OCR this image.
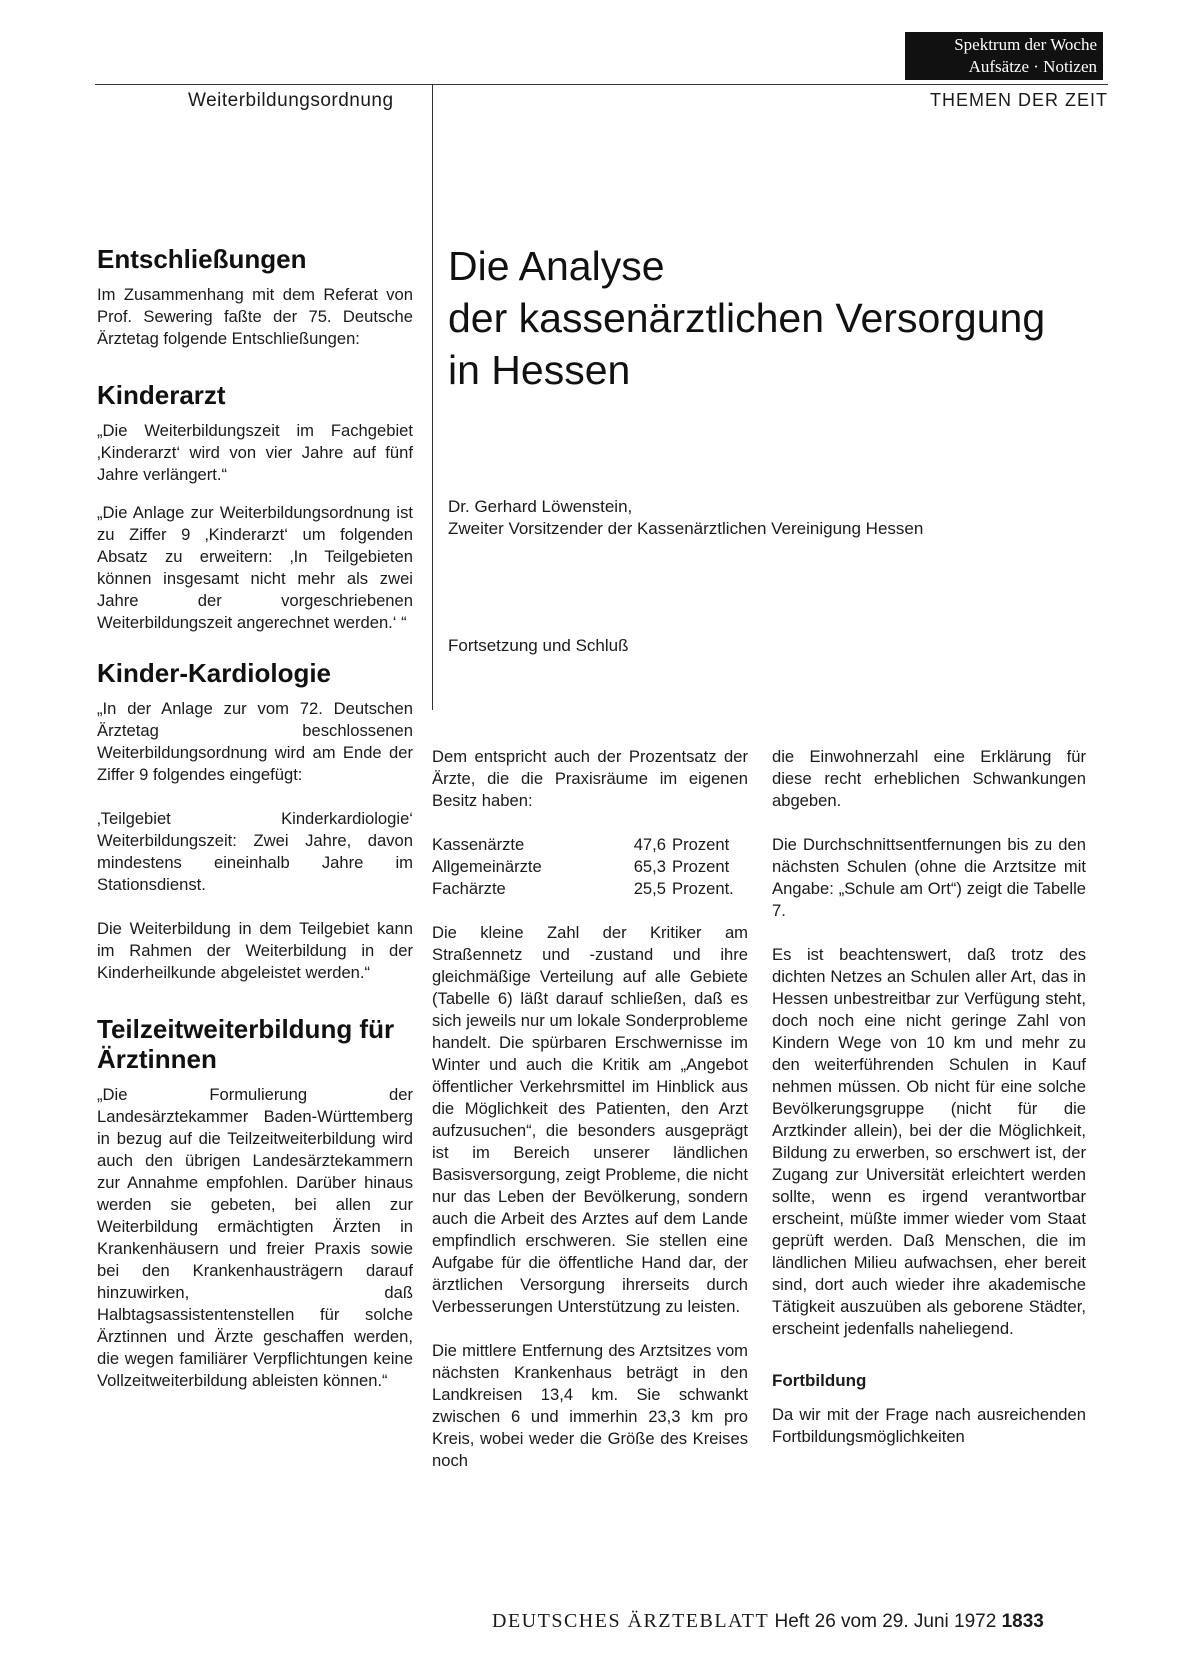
Spektrum der Woche
Aufsätze · Notizen
Weiterbildungsordnung	THEMEN DER ZEIT
Die Analyse
der kassenärztlichen Versorgung
in Hessen
Dr. Gerhard Löwenstein,
Zweiter Vorsitzender der Kassenärztlichen Vereinigung Hessen
Fortsetzung und Schluß
Entschließungen

Im Zusammenhang mit dem Referat von Prof. Sewering faßte der 75. Deutsche Ärztetag folgende Entschließungen:

Kinderarzt

„Die Weiterbildungszeit im Fachgebiet ‚Kinderarzt‘ wird von vier Jahre auf fünf Jahre verlängert.“

„Die Anlage zur Weiterbildungsordnung ist zu Ziffer 9 ‚Kinderarzt‘ um folgenden Absatz zu erweitern: ‚In Teilgebieten können insgesamt nicht mehr als zwei Jahre der vorgeschriebenen Weiterbildungszeit angerechnet werden.‘ “

Kinder-Kardiologie

„In der Anlage zur vom 72. Deutschen Ärztetag beschlossenen Weiterbildungsordnung wird am Ende der Ziffer 9 folgendes eingefügt:

‚Teilgebiet Kinderkardiologie‘ Weiterbildungszeit: Zwei Jahre, davon mindestens eineinhalb Jahre im Stationsdienst.

Die Weiterbildung in dem Teilgebiet kann im Rahmen der Weiterbildung in der Kinderheilkunde abgeleistet werden.“

Teilzeitweiterbildung für Ärztinnen

„Die Formulierung der Landesärztekammer Baden-Württemberg in bezug auf die Teilzeitweiterbildung wird auch den übrigen Landesärztekammern zur Annahme empfohlen. Darüber hinaus werden sie gebeten, bei allen zur Weiterbildung ermächtigten Ärzten in Krankenhäusern und freier Praxis sowie bei den Krankenhausträgern darauf hinzuwirken, daß Halbtagsassistentenstellen für solche Ärztinnen und Ärzte geschaffen werden, die wegen familiärer Verpflichtungen keine Vollzeitweiterbildung ableisten können.“

Dem entspricht auch der Prozentsatz der Ärzte, die die Praxisräume im eigenen Besitz haben:

Kassenärzte	47,6	Prozent
Allgemeinärzte	65,3	Prozent
Fachärzte	25,5	Prozent.

Die kleine Zahl der Kritiker am Straßennetz und -zustand und ihre gleichmäßige Verteilung auf alle Gebiete (Tabelle 6) läßt darauf schließen, daß es sich jeweils nur um lokale Sonderprobleme handelt. Die spürbaren Erschwernisse im Winter und auch die Kritik am „Angebot öffentlicher Verkehrsmittel im Hinblick aus die Möglichkeit des Patienten, den Arzt aufzusuchen“, die besonders ausgeprägt ist im Bereich unserer ländlichen Basisversorgung, zeigt Probleme, die nicht nur das Leben der Bevölkerung, sondern auch die Arbeit des Arztes auf dem Lande empfindlich erschweren. Sie stellen eine Aufgabe für die öffentliche Hand dar, der ärztlichen Versorgung ihrerseits durch Verbesserungen Unterstützung zu leisten.

Die mittlere Entfernung des Arztsitzes vom nächsten Krankenhaus beträgt in den Landkreisen 13,4 km. Sie schwankt zwischen 6 und immerhin 23,3 km pro Kreis, wobei weder die Größe des Kreises noch

die Einwohnerzahl eine Erklärung für diese recht erheblichen Schwankungen abgeben.

Die Durchschnittsentfernungen bis zu den nächsten Schulen (ohne die Arztsitze mit Angabe: „Schule am Ort“) zeigt die Tabelle 7.

Es ist beachtenswert, daß trotz des dichten Netzes an Schulen aller Art, das in Hessen unbestreitbar zur Verfügung steht, doch noch eine nicht geringe Zahl von Kindern Wege von 10 km und mehr zu den weiterführenden Schulen in Kauf nehmen müssen. Ob nicht für eine solche Bevölkerungsgruppe (nicht für die Arztkinder allein), bei der die Möglichkeit, Bildung zu erwerben, so erschwert ist, der Zugang zur Universität erleichtert werden sollte, wenn es irgend verantwortbar erscheint, müßte immer wieder vom Staat geprüft werden. Daß Menschen, die im ländlichen Milieu aufwachsen, eher bereit sind, dort auch wieder ihre akademische Tätigkeit auszuüben als geborene Städter, erscheint jedenfalls naheliegend.

Fortbildung

Da wir mit der Frage nach ausreichenden Fortbildungsmöglichkeiten

DEUTSCHES ÄRZTEBLATT Heft 26 vom 29. Juni 1972 1833
